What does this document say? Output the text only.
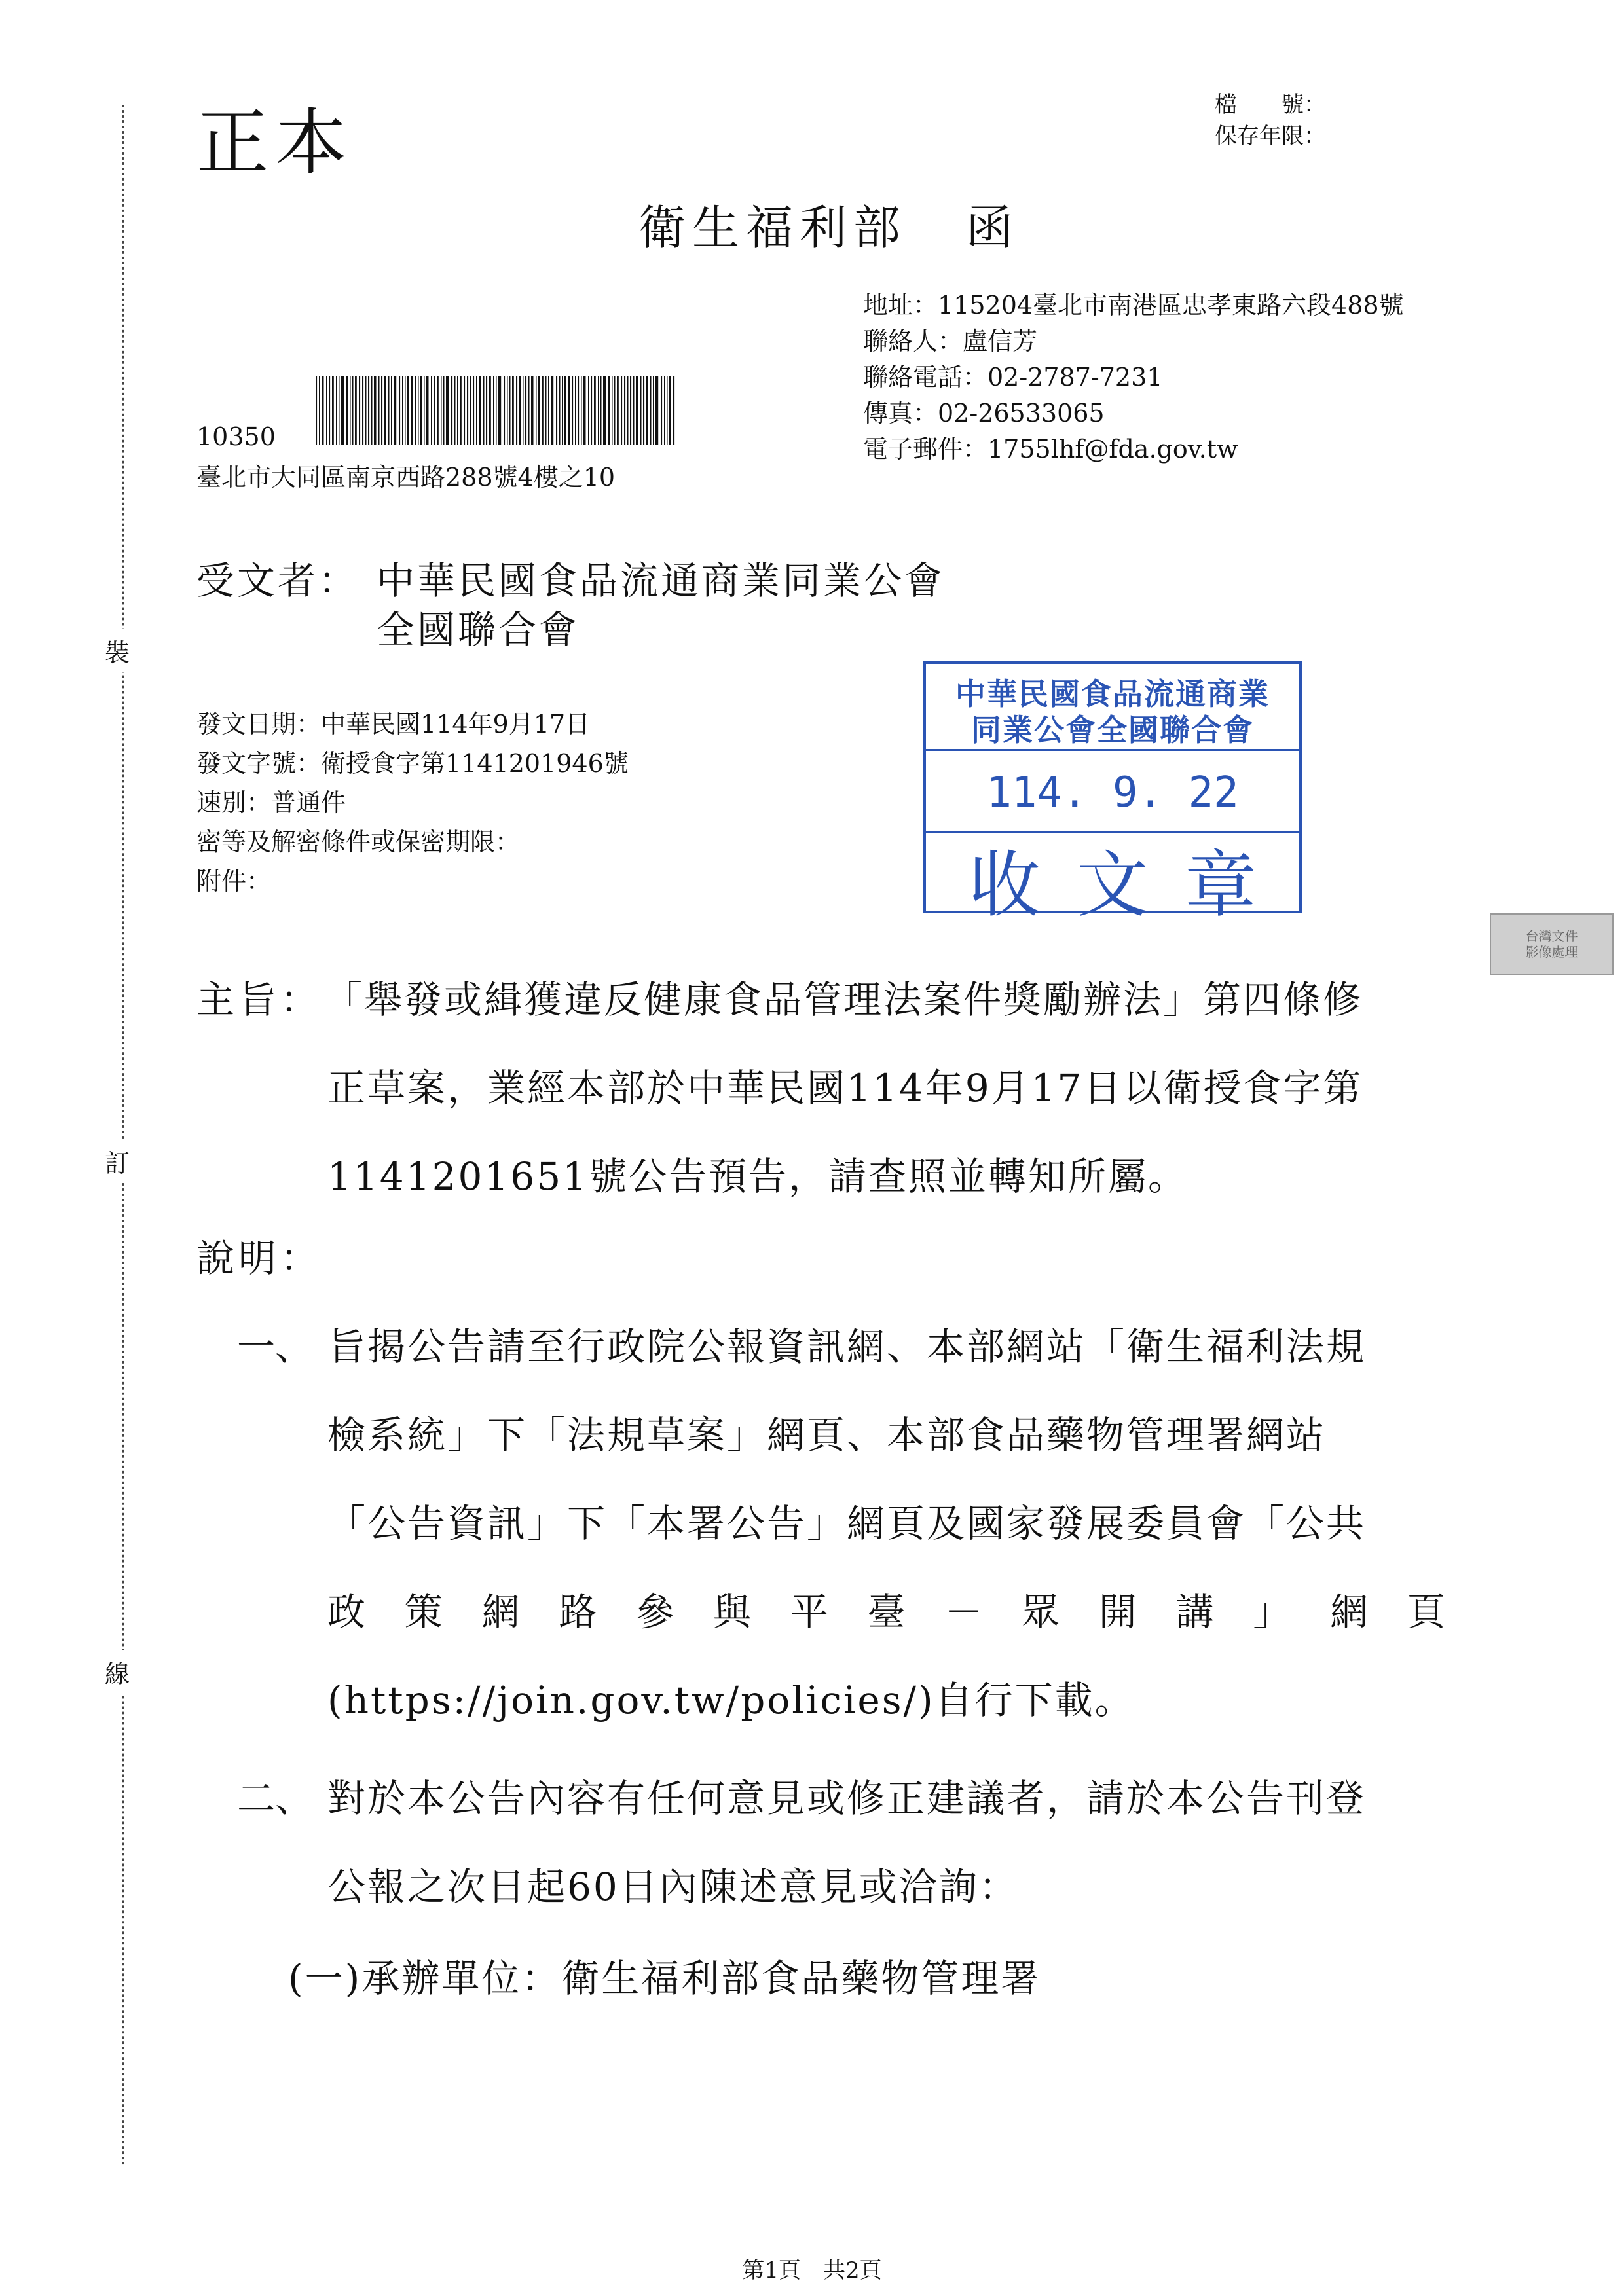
裝
訂
線
正本	檔　　號：
保存年限：
衛生福利部 函
地址：115204臺北市南港區忠孝東路六段488號
聯絡人：盧信芳
聯絡電話：02-2787-7231
傳真：02-26533065
電子郵件：1755lhf@fda.gov.tw
10350
臺北市大同區南京西路288號4樓之10
受文者： 中華民國食品流通商業同業公會
全國聯合會
發文日期：中華民國114年9月17日
發文字號：衛授食字第1141201946號
速別：普通件
密等及解密條件或保密期限：
附件：
中華民國食品流通商業
同業公會全國聯合會
114. 9. 22
收文章
台灣文件
影像處理
主旨： 「舉發或緝獲違反健康食品管理法案件獎勵辦法」第四條修
正草案，業經本部於中華民國114年9月17日以衛授食字第
1141201651號公告預告，請查照並轉知所屬。
說明：
一、 旨揭公告請至行政院公報資訊網、本部網站「衛生福利法規
檢系統」下「法規草案」網頁、本部食品藥物管理署網站
「公告資訊」下「本署公告」網頁及國家發展委員會「公共
政 策 網 路 參 與 平 臺 － 眾 開 講 」 網 頁
(https://join.gov.tw/policies/)自行下載。
二、 對於本公告內容有任何意見或修正建議者，請於本公告刊登
公報之次日起60日內陳述意見或洽詢：
(一)承辦單位：衛生福利部食品藥物管理署
第1頁　共2頁
